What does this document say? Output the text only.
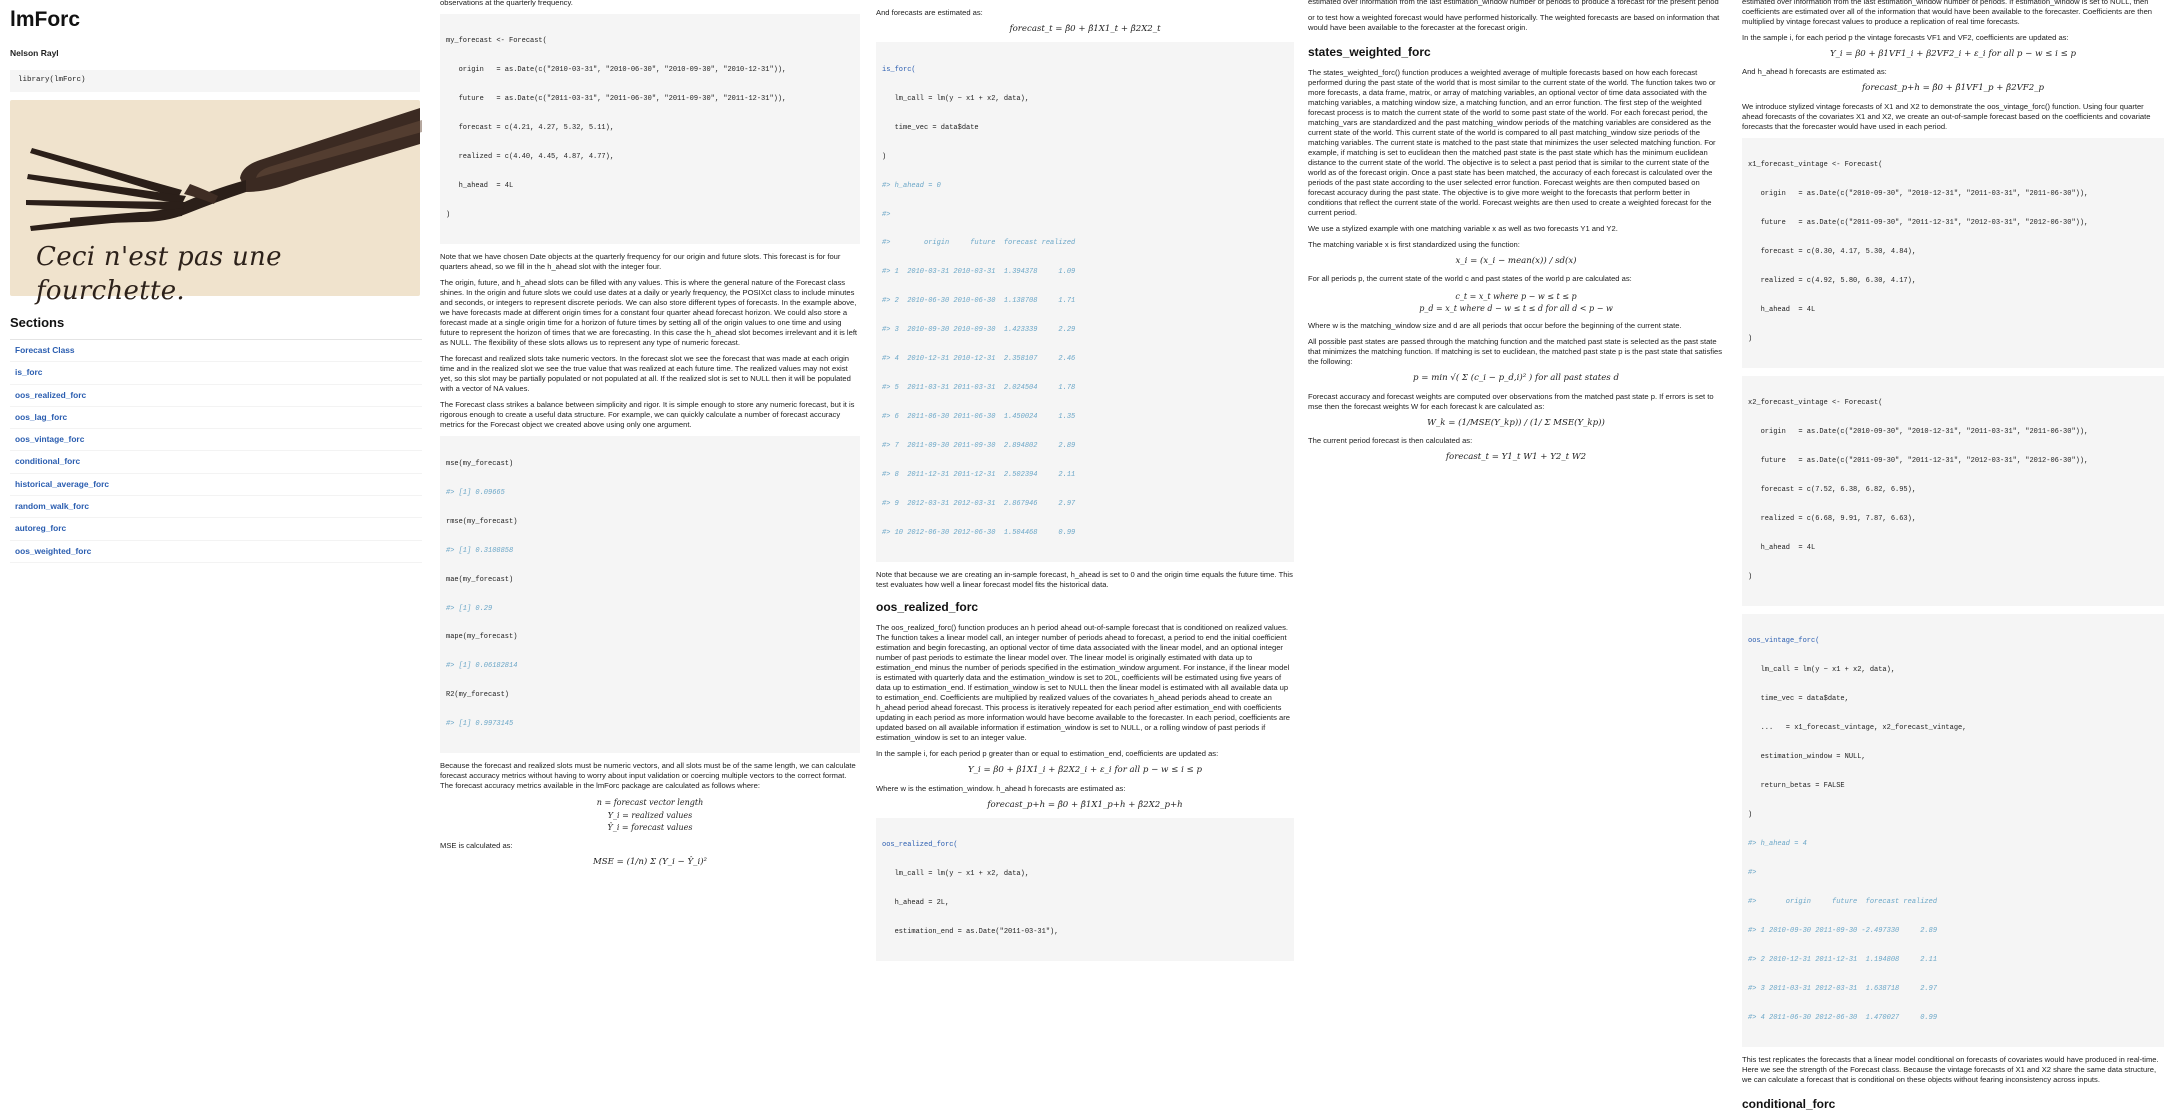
lmForc
Nelson Rayl
library(lmForc)
Ceci n'est pas une fourchette.
Sections
Forecast Class
is_forc
oos_realized_forc
oos_lag_forc
oos_vintage_forc
conditional_forc
historical_average_forc
random_walk_forc
autoreg_forc
oos_weighted_forc

observations at the quarterly frequency.

my_forecast <- Forecast(

origin   = as.Date(c("2010-03-31", "2010-06-30", "2010-09-30", "2010-12-31")),

future   = as.Date(c("2011-03-31", "2011-06-30", "2011-09-30", "2011-12-31")),

forecast = c(4.21, 4.27, 5.32, 5.11),

realized = c(4.40, 4.45, 4.87, 4.77),

h_ahead  = 4L

)

Note that we have chosen Date objects at the quarterly frequency for our origin and future slots. This forecast is for four quarters ahead, so we fill in the h_ahead slot with the integer four.

The origin, future, and h_ahead slots can be filled with any values. This is where the general nature of the Forecast class shines. In the origin and future slots we could use dates at a daily or yearly frequency, the POSIXct class to include minutes and seconds, or integers to represent discrete periods. We can also store different types of forecasts. In the example above, we have forecasts made at different origin times for a constant four quarter ahead forecast horizon. We could also store a forecast made at a single origin time for a horizon of future times by setting all of the origin values to one time and using future to represent the horizon of times that we are forecasting. In this case the h_ahead slot becomes irrelevant and it is left as NULL. The flexibility of these slots allows us to represent any type of numeric forecast.

The forecast and realized slots take numeric vectors. In the forecast slot we see the forecast that was made at each origin time and in the realized slot we see the true value that was realized at each future time. The realized values may not exist yet, so this slot may be partially populated or not populated at all. If the realized slot is set to NULL then it will be populated with a vector of NA values.

The Forecast class strikes a balance between simplicity and rigor. It is simple enough to store any numeric forecast, but it is rigorous enough to create a useful data structure. For example, we can quickly calculate a number of forecast accuracy metrics for the Forecast object we created above using only one argument.

mse(my_forecast)

#> [1] 0.09665

rmse(my_forecast)

#> [1] 0.3108858

mae(my_forecast)

#> [1] 0.29

mape(my_forecast)

#> [1] 0.06182814

R2(my_forecast)

#> [1] 0.9973145

Because the forecast and realized slots must be numeric vectors, and all slots must be of the same length, we can calculate forecast accuracy metrics without having to worry about input validation or coercing multiple vectors to the correct format. The forecast accuracy metrics available in the lmForc package are calculated as follows where:

n = forecast vector length
Y_i = realized values
Ŷ_i = forecast values

MSE is calculated as:

MSE = (1/n) Σ (Y_i − Ŷ_i)²

And forecasts are estimated as:

forecast_t = β̂0 + β̂1X1_t + β̂2X2_t

is_forc(

lm_call = lm(y ~ x1 + x2, data),

time_vec = data$date

)

#> h_ahead = 0

#>

#>        origin     future  forecast realized

#> 1  2010-03-31 2010-03-31  1.394378     1.09

#> 2  2010-06-30 2010-06-30  1.138708     1.71

#> 3  2010-09-30 2010-09-30  1.423339     2.29

#> 4  2010-12-31 2010-12-31  2.358107     2.46

#> 5  2011-03-31 2011-03-31  2.024504     1.78

#> 6  2011-06-30 2011-06-30  1.450024     1.35

#> 7  2011-09-30 2011-09-30  2.894802     2.89

#> 8  2011-12-31 2011-12-31  2.502394     2.11

#> 9  2012-03-31 2012-03-31  2.867946     2.97

#> 10 2012-06-30 2012-06-30  1.504468     0.99

Note that because we are creating an in-sample forecast, h_ahead is set to 0 and the origin time equals the future time. This test evaluates how well a linear forecast model fits the historical data.

oos_realized_forc

The oos_realized_forc() function produces an h period ahead out-of-sample forecast that is conditioned on realized values. The function takes a linear model call, an integer number of periods ahead to forecast, a period to end the initial coefficient estimation and begin forecasting, an optional vector of time data associated with the linear model, and an optional integer number of past periods to estimate the linear model over. The linear model is originally estimated with data up to estimation_end minus the number of periods specified in the estimation_window argument. For instance, if the linear model is estimated with quarterly data and the estimation_window is set to 20L, coefficients will be estimated using five years of data up to estimation_end. If estimation_window is set to NULL then the linear model is estimated with all available data up to estimation_end. Coefficients are multiplied by realized values of the covariates h_ahead periods ahead to create an h_ahead period ahead forecast. This process is iteratively repeated for each period after estimation_end with coefficients updating in each period as more information would have become available to the forecaster. In each period, coefficients are updated based on all available information if estimation_window is set to NULL, or a rolling window of past periods if estimation_window is set to an integer value.

In the sample i, for each period p greater than or equal to estimation_end, coefficients are updated as:

Y_i = β0 + β1X1_i + β2X2_i + ε_i for all p − w ≤ i ≤ p

Where w is the estimation_window. h_ahead h forecasts are estimated as:

forecast_p+h = β̂0 + β̂1X1_p+h + β̂2X2_p+h

oos_realized_forc(

lm_call = lm(y ~ x1 + x2, data),

h_ahead = 2L,

estimation_end = as.Date("2011-03-31"),

estimated over information from the last estimation_window number of periods to produce a forecast for the present period

or to test how a weighted forecast would have performed historically. The weighted forecasts are based on information that would have been available to the forecaster at the forecast origin.

states_weighted_forc

The states_weighted_forc() function produces a weighted average of multiple forecasts based on how each forecast performed during the past state of the world that is most similar to the current state of the world. The function takes two or more forecasts, a data frame, matrix, or array of matching variables, an optional vector of time data associated with the matching variables, a matching window size, a matching function, and an error function. The first step of the weighted forecast process is to match the current state of the world to some past state of the world. For each forecast period, the matching_vars are standardized and the past matching_window periods of the matching variables are considered as the current state of the world. This current state of the world is compared to all past matching_window size periods of the matching variables. The current state is matched to the past state that minimizes the user selected matching function. For example, if matching is set to euclidean then the matched past state is the past state which has the minimum euclidean distance to the current state of the world. The objective is to select a past period that is similar to the current state of the world as of the forecast origin. Once a past state has been matched, the accuracy of each forecast is calculated over the periods of the past state according to the user selected error function. Forecast weights are then computed based on forecast accuracy during the past state. The objective is to give more weight to the forecasts that perform better in conditions that reflect the current state of the world. Forecast weights are then used to create a weighted forecast for the current period.

We use a stylized example with one matching variable x as well as two forecasts Y1 and Y2.

The matching variable x is first standardized using the function:

x_i = (x_i − mean(x)) / sd(x)

For all periods p, the current state of the world c and past states of the world p are calculated as:

c_t = x_t where p − w ≤ t ≤ p
p_d = x_t where d − w ≤ t ≤ d for all d < p − w

Where w is the matching_window size and d are all periods that occur before the beginning of the current state.

All possible past states are passed through the matching function and the matched past state is selected as the past state that minimizes the matching function. If matching is set to euclidean, the matched past state p is the past state that satisfies the following:

p = min √( Σ (c_i − p_d,i)² ) for all past states d

Forecast accuracy and forecast weights are computed over observations from the matched past state p. If errors is set to mse then the forecast weights W for each forecast k are calculated as:

W_k = (1/MSE(Y_kp)) / (1/ Σ MSE(Y_kp))

The current period forecast is then calculated as:

forecast_t = Y1_t W1 + Y2_t W2

estimated over information from the last estimation_window number of periods. If estimation_window is set to NULL, then coefficients are estimated over all of the information that would have been available to the forecaster. Coefficients are then multiplied by vintage forecast values to produce a replication of real time forecasts.

In the sample i, for each period p the vintage forecasts VF1 and VF2, coefficients are updated as:

Y_i = β0 + β1VF1_i + β2VF2_i + ε_i for all p − w ≤ i ≤ p

And h_ahead h forecasts are estimated as:

forecast_p+h = β̂0 + β̂1VF1_p + β̂2VF2_p

We introduce stylized vintage forecasts of X1 and X2 to demonstrate the oos_vintage_forc() function. Using four quarter ahead forecasts of the covariates X1 and X2, we create an out-of-sample forecast based on the coefficients and covariate forecasts that the forecaster would have used in each period.

x1_forecast_vintage <- Forecast(

origin   = as.Date(c("2010-09-30", "2010-12-31", "2011-03-31", "2011-06-30")),

future   = as.Date(c("2011-09-30", "2011-12-31", "2012-03-31", "2012-06-30")),

forecast = c(0.30, 4.17, 5.30, 4.84),

realized = c(4.92, 5.80, 6.30, 4.17),

h_ahead  = 4L

)

x2_forecast_vintage <- Forecast(

origin   = as.Date(c("2010-09-30", "2010-12-31", "2011-03-31", "2011-06-30")),

future   = as.Date(c("2011-09-30", "2011-12-31", "2012-03-31", "2012-06-30")),

forecast = c(7.52, 6.38, 6.82, 6.95),

realized = c(6.68, 9.91, 7.87, 6.63),

h_ahead  = 4L

)

oos_vintage_forc(

lm_call = lm(y ~ x1 + x2, data),

time_vec = data$date,

...   = x1_forecast_vintage, x2_forecast_vintage,

estimation_window = NULL,

return_betas = FALSE

)

#> h_ahead = 4

#>

#>       origin     future  forecast realized

#> 1 2010-09-30 2011-09-30 -2.497330     2.89

#> 2 2010-12-31 2011-12-31  1.194808     2.11

#> 3 2011-03-31 2012-03-31  1.638718     2.97

#> 4 2011-06-30 2012-06-30  1.470027     0.99

This test replicates the forecasts that a linear model conditional on forecasts of covariates would have produced in real-time. Here we see the strength of the Forecast class. Because the vintage forecasts of X1 and X2 share the same data structure, we can calculate a forecast that is conditional on these objects without fearing inconsistency across inputs.

conditional_forc
